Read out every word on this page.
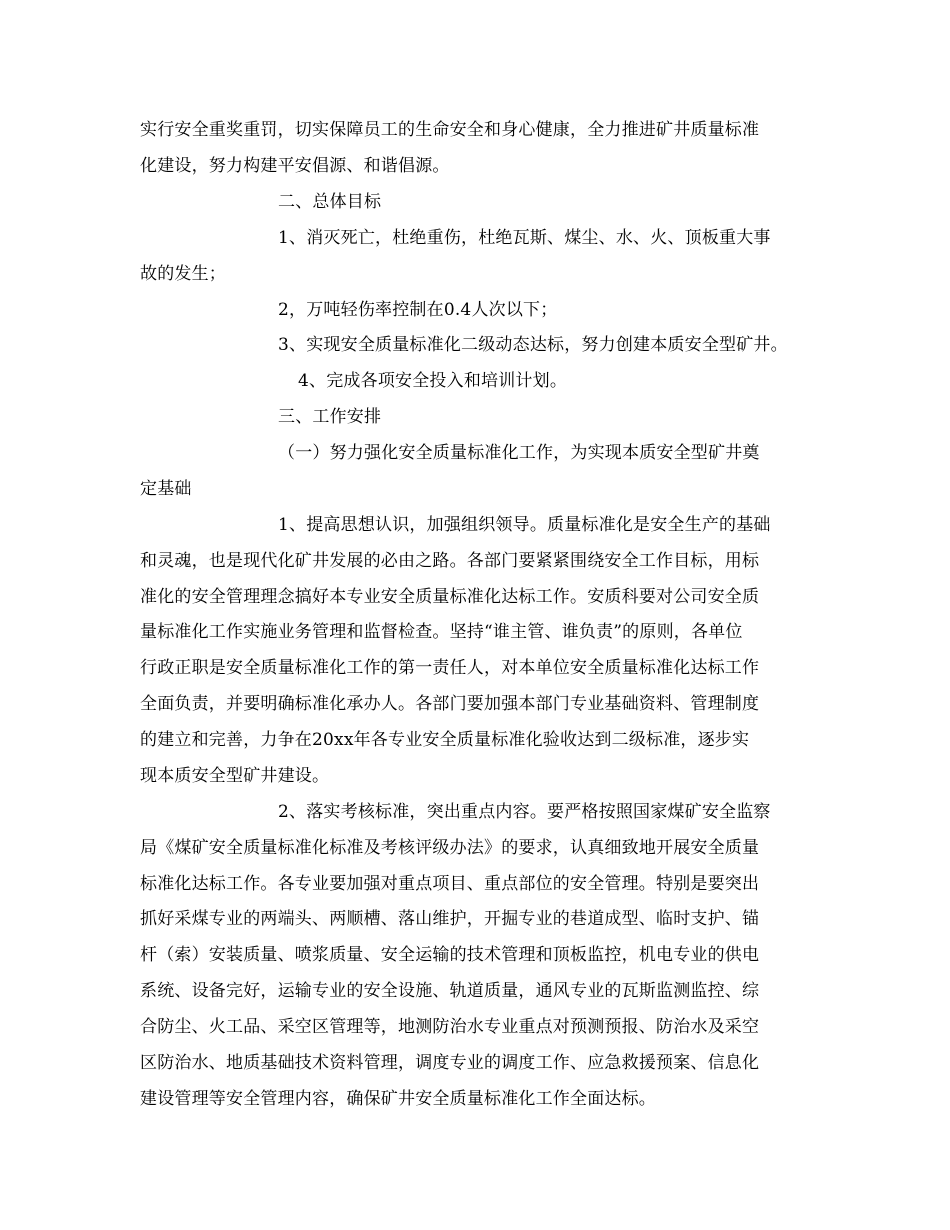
实行安全重奖重罚，切实保障员工的生命安全和身心健康，全力推进矿井质量标准
化建设，努力构建平安倡源、和谐倡源。
二、总体目标
1、消灭死亡，杜绝重伤，杜绝瓦斯、煤尘、水、火、顶板重大事
故的发生；
2，万吨轻伤率控制在0.4人次以下；
3、实现安全质量标准化二级动态达标，努力创建本质安全型矿井。
4、完成各项安全投入和培训计划。
三、工作安排
（一）努力强化安全质量标准化工作，为实现本质安全型矿井奠
定基础
1、提高思想认识，加强组织领导。质量标准化是安全生产的基础
和灵魂，也是现代化矿井发展的必由之路。各部门要紧紧围绕安全工作目标，用标
准化的安全管理理念搞好本专业安全质量标准化达标工作。安质科要对公司安全质
量标准化工作实施业务管理和监督检查。坚持“谁主管、谁负责”的原则，各单位
行政正职是安全质量标准化工作的第一责任人，对本单位安全质量标准化达标工作
全面负责，并要明确标准化承办人。各部门要加强本部门专业基础资料、管理制度
的建立和完善，力争在20xx年各专业安全质量标准化验收达到二级标准，逐步实
现本质安全型矿井建设。
2、落实考核标准，突出重点内容。要严格按照国家煤矿安全监察
局《煤矿安全质量标准化标准及考核评级办法》的要求，认真细致地开展安全质量
标准化达标工作。各专业要加强对重点项目、重点部位的安全管理。特别是要突出
抓好采煤专业的两端头、两顺槽、落山维护，开掘专业的巷道成型、临时支护、锚
杆（索）安装质量、喷浆质量、安全运输的技术管理和顶板监控，机电专业的供电
系统、设备完好，运输专业的安全设施、轨道质量，通风专业的瓦斯监测监控、综
合防尘、火工品、采空区管理等，地测防治水专业重点对预测预报、防治水及采空
区防治水、地质基础技术资料管理，调度专业的调度工作、应急救援预案、信息化
建设管理等安全管理内容，确保矿井安全质量标准化工作全面达标。
